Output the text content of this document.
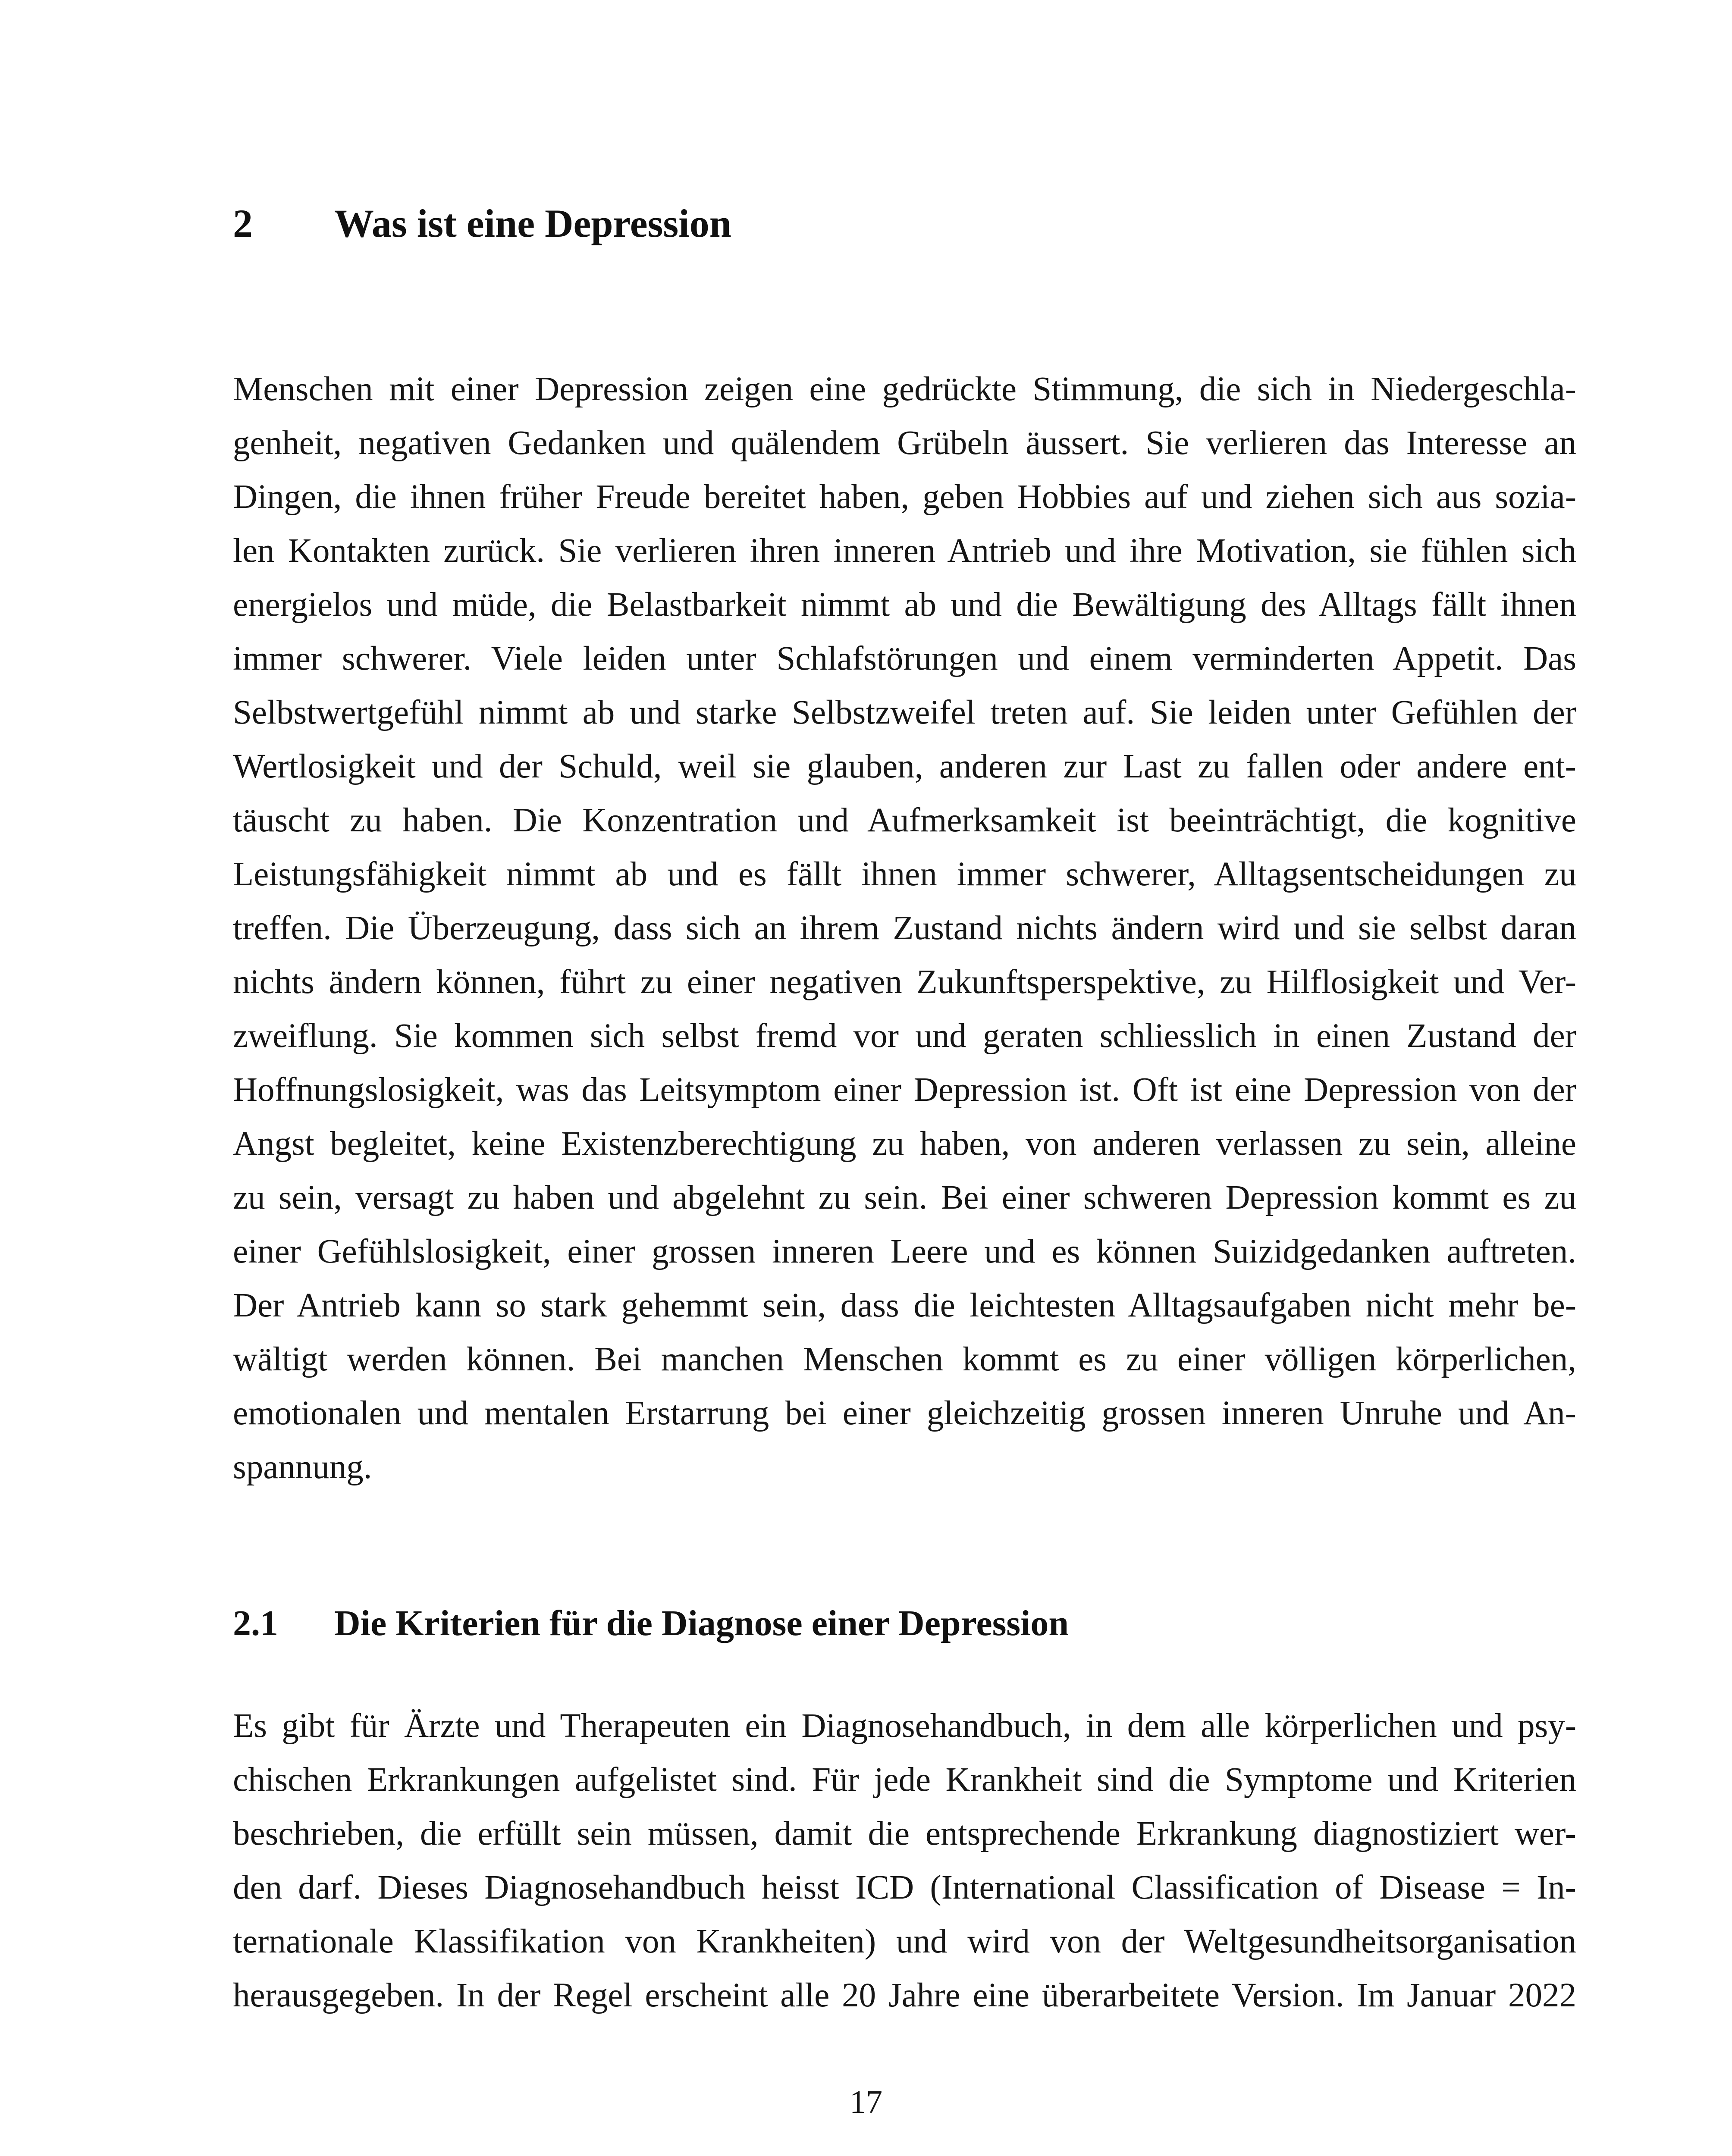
2 Was ist eine Depression

Menschen mit einer Depression zeigen eine gedrückte Stimmung, die sich in Niedergeschla-
genheit, negativen Gedanken und quälendem Grübeln äussert. Sie verlieren das Interesse an
Dingen, die ihnen früher Freude bereitet haben, geben Hobbies auf und ziehen sich aus sozia-
len Kontakten zurück. Sie verlieren ihren inneren Antrieb und ihre Motivation, sie fühlen sich
energielos und müde, die Belastbarkeit nimmt ab und die Bewältigung des Alltags fällt ihnen
immer schwerer. Viele leiden unter Schlafstörungen und einem verminderten Appetit. Das
Selbstwertgefühl nimmt ab und starke Selbstzweifel treten auf. Sie leiden unter Gefühlen der
Wertlosigkeit und der Schuld, weil sie glauben, anderen zur Last zu fallen oder andere ent-
täuscht zu haben. Die Konzentration und Aufmerksamkeit ist beeinträchtigt, die kognitive
Leistungsfähigkeit nimmt ab und es fällt ihnen immer schwerer, Alltagsentscheidungen zu
treffen. Die Überzeugung, dass sich an ihrem Zustand nichts ändern wird und sie selbst daran
nichts ändern können, führt zu einer negativen Zukunftsperspektive, zu Hilflosigkeit und Ver-
zweiflung. Sie kommen sich selbst fremd vor und geraten schliesslich in einen Zustand der
Hoffnungslosigkeit, was das Leitsymptom einer Depression ist. Oft ist eine Depression von der
Angst begleitet, keine Existenzberechtigung zu haben, von anderen verlassen zu sein, alleine
zu sein, versagt zu haben und abgelehnt zu sein. Bei einer schweren Depression kommt es zu
einer Gefühlslosigkeit, einer grossen inneren Leere und es können Suizidgedanken auftreten.
Der Antrieb kann so stark gehemmt sein, dass die leichtesten Alltagsaufgaben nicht mehr be-
wältigt werden können. Bei manchen Menschen kommt es zu einer völligen körperlichen,
emotionalen und mentalen Erstarrung bei einer gleichzeitig grossen inneren Unruhe und An-
spannung.

2.1 Die Kriterien für die Diagnose einer Depression

Es gibt für Ärzte und Therapeuten ein Diagnosehandbuch, in dem alle körperlichen und psy-
chischen Erkrankungen aufgelistet sind. Für jede Krankheit sind die Symptome und Kriterien
beschrieben, die erfüllt sein müssen, damit die entsprechende Erkrankung diagnostiziert wer-
den darf. Dieses Diagnosehandbuch heisst ICD (International Classification of Disease = In-
ternationale Klassifikation von Krankheiten) und wird von der Weltgesundheitsorganisation
herausgegeben. In der Regel erscheint alle 20 Jahre eine überarbeitete Version. Im Januar 2022

17
